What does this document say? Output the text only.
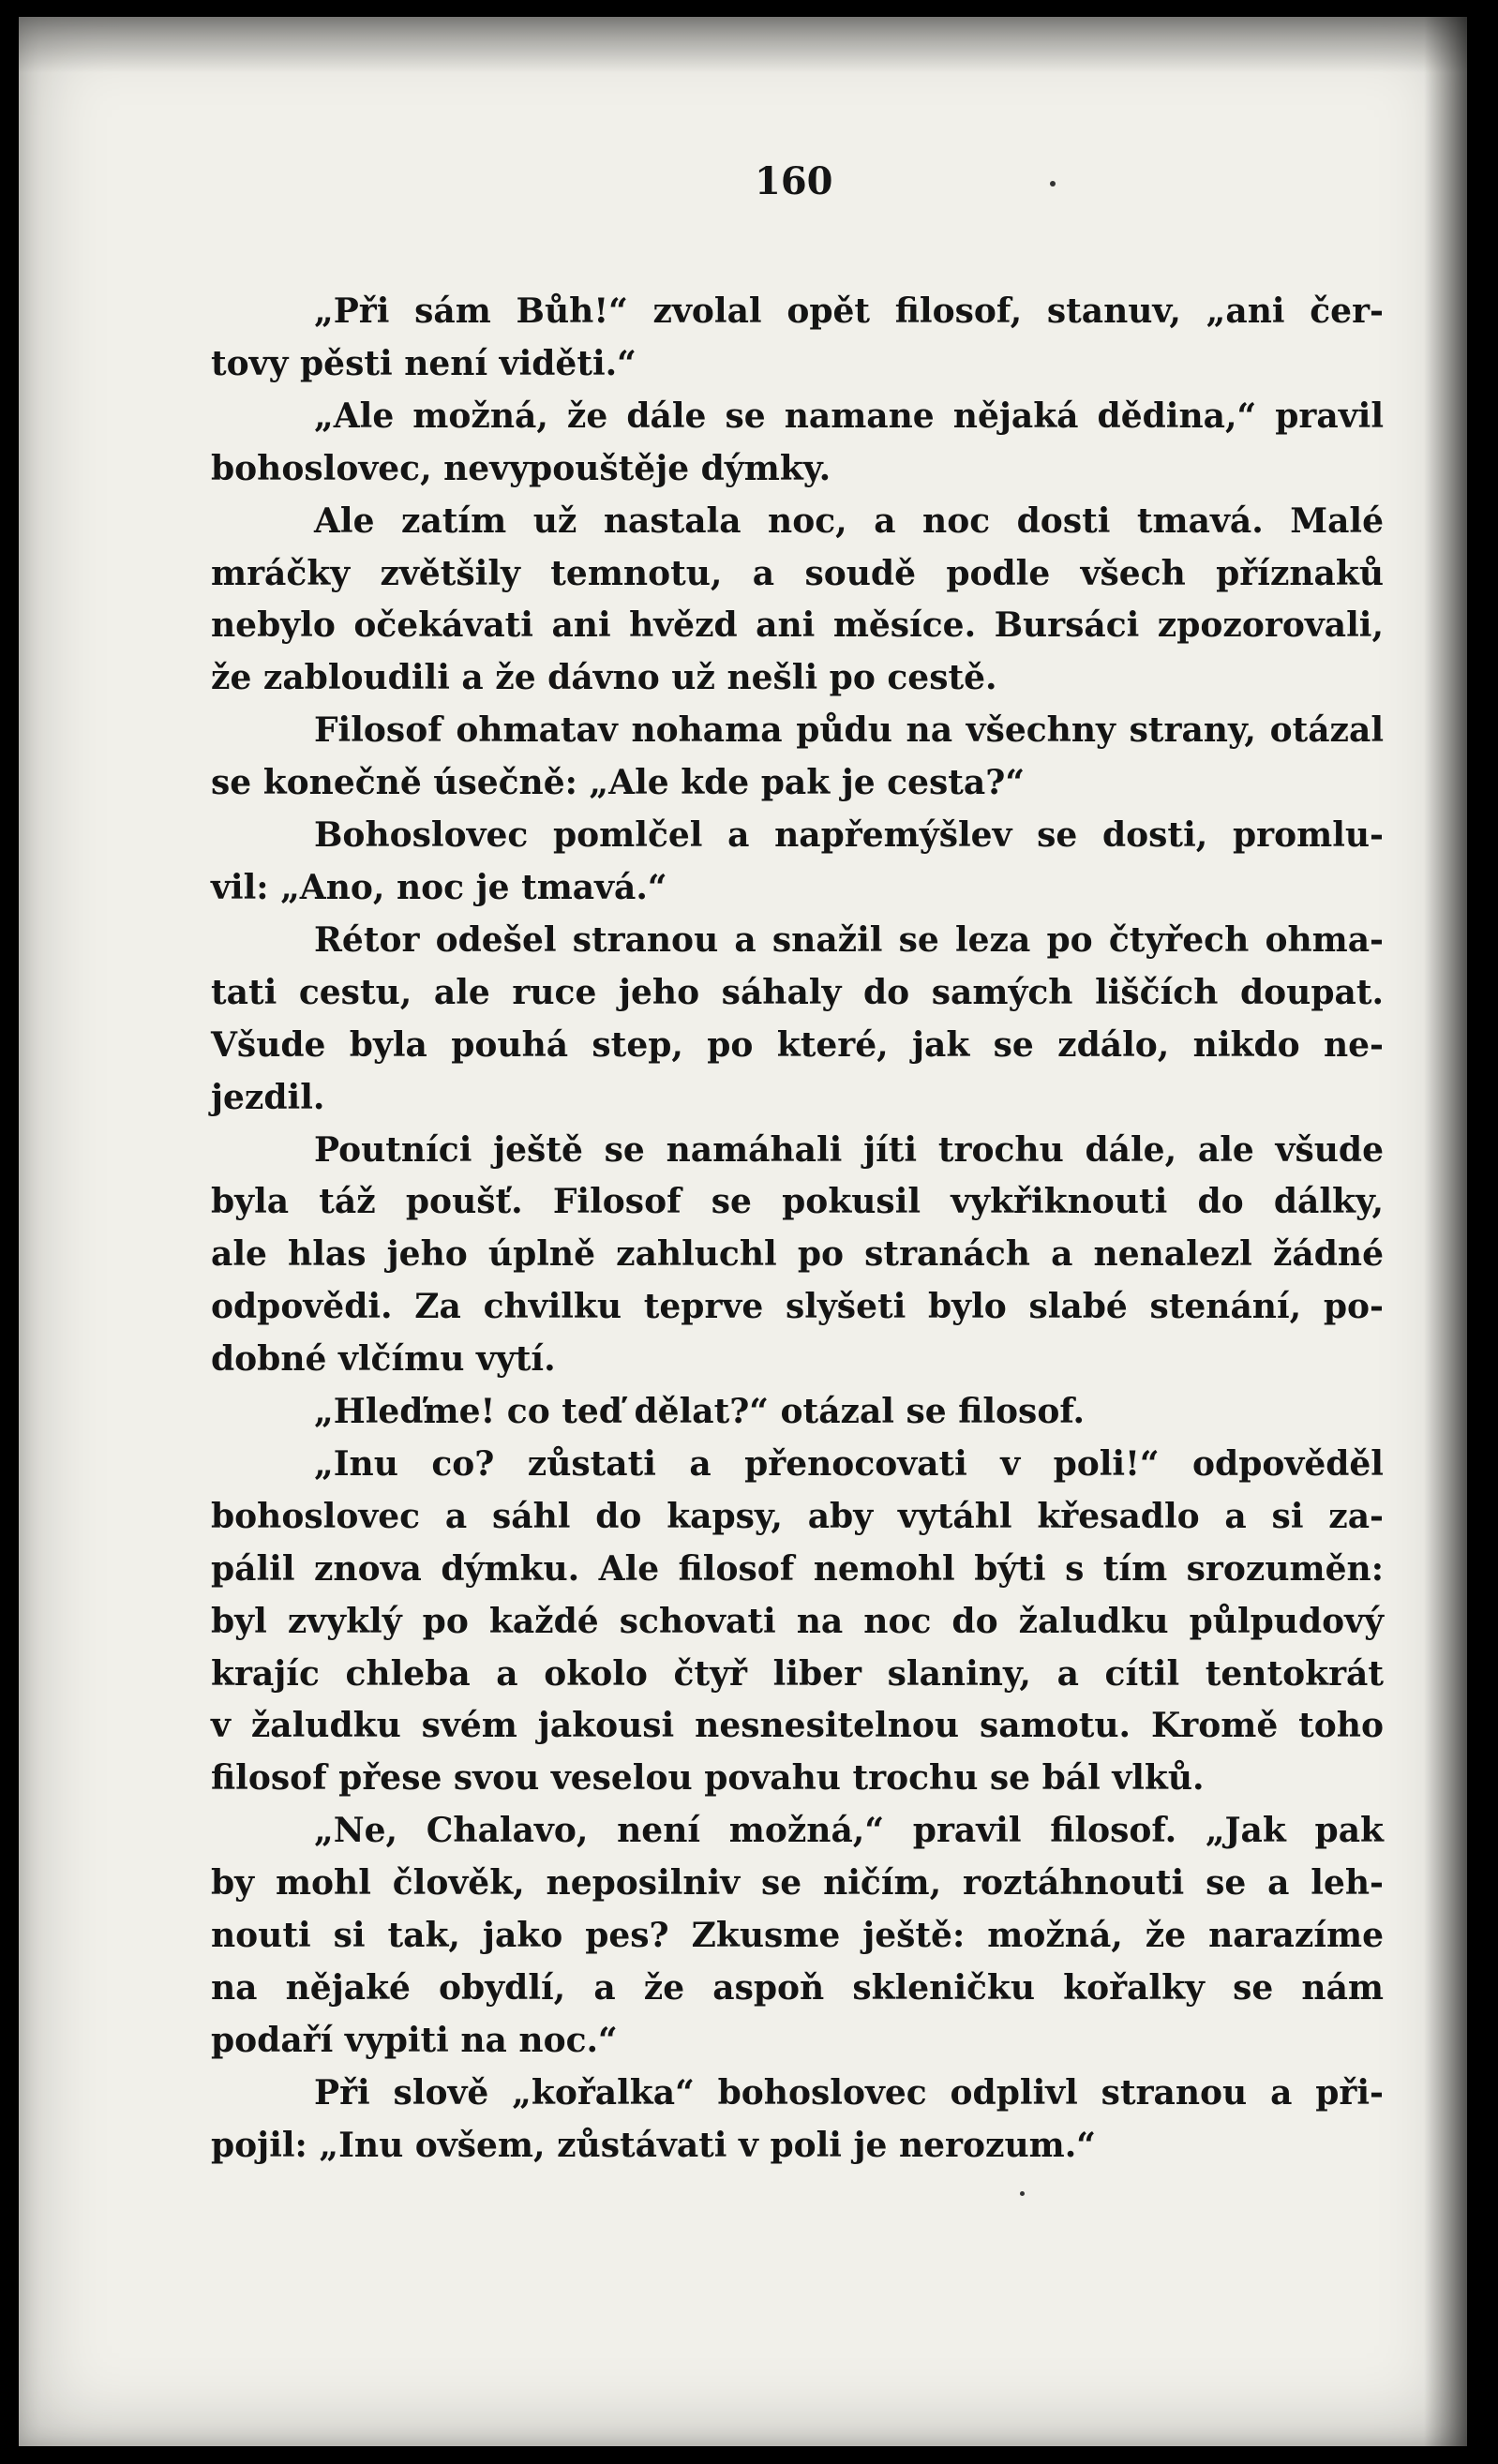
160
„Při sám Bůh!“ zvolal opět filosof, stanuv, „ani čer-
tovy pěsti není viděti.“
„Ale možná, že dále se namane nějaká dědina,“ pravil
bohoslovec, nevypouštěje dýmky.
Ale zatím už nastala noc, a noc dosti tmavá. Malé
mráčky zvětšily temnotu, a soudě podle všech příznaků
nebylo očekávati ani hvězd ani měsíce. Bursáci zpozorovali,
že zabloudili a že dávno už nešli po cestě.
Filosof ohmatav nohama půdu na všechny strany, otázal
se konečně úsečně: „Ale kde pak je cesta?“
Bohoslovec pomlčel a napřemýšlev se dosti, promlu-
vil: „Ano, noc je tmavá.“
Rétor odešel stranou a snažil se leza po čtyřech ohma-
tati cestu, ale ruce jeho sáhaly do samých liščích doupat.
Všude byla pouhá step, po které, jak se zdálo, nikdo ne-
jezdil.
Poutníci ještě se namáhali jíti trochu dále, ale všude
byla táž poušť. Filosof se pokusil vykřiknouti do dálky,
ale hlas jeho úplně zahluchl po stranách a nenalezl žádné
odpovědi. Za chvilku teprve slyšeti bylo slabé stenání, po-
dobné vlčímu vytí.
„Hleďme! co teď dělat?“ otázal se filosof.
„Inu co? zůstati a přenocovati v poli!“ odpověděl
bohoslovec a sáhl do kapsy, aby vytáhl křesadlo a si za-
pálil znova dýmku. Ale filosof nemohl býti s tím srozuměn:
byl zvyklý po každé schovati na noc do žaludku půlpudový
krajíc chleba a okolo čtyř liber slaniny, a cítil tentokrát
v žaludku svém jakousi nesnesitelnou samotu. Kromě toho
filosof přese svou veselou povahu trochu se bál vlků.
„Ne, Chalavo, není možná,“ pravil filosof. „Jak pak
by mohl člověk, neposilniv se ničím, roztáhnouti se a leh-
nouti si tak, jako pes? Zkusme ještě: možná, že narazíme
na nějaké obydlí, a že aspoň skleničku kořalky se nám
podaří vypiti na noc.“
Při slově „kořalka“ bohoslovec odplivl stranou a při-
pojil: „Inu ovšem, zůstávati v poli je nerozum.“
